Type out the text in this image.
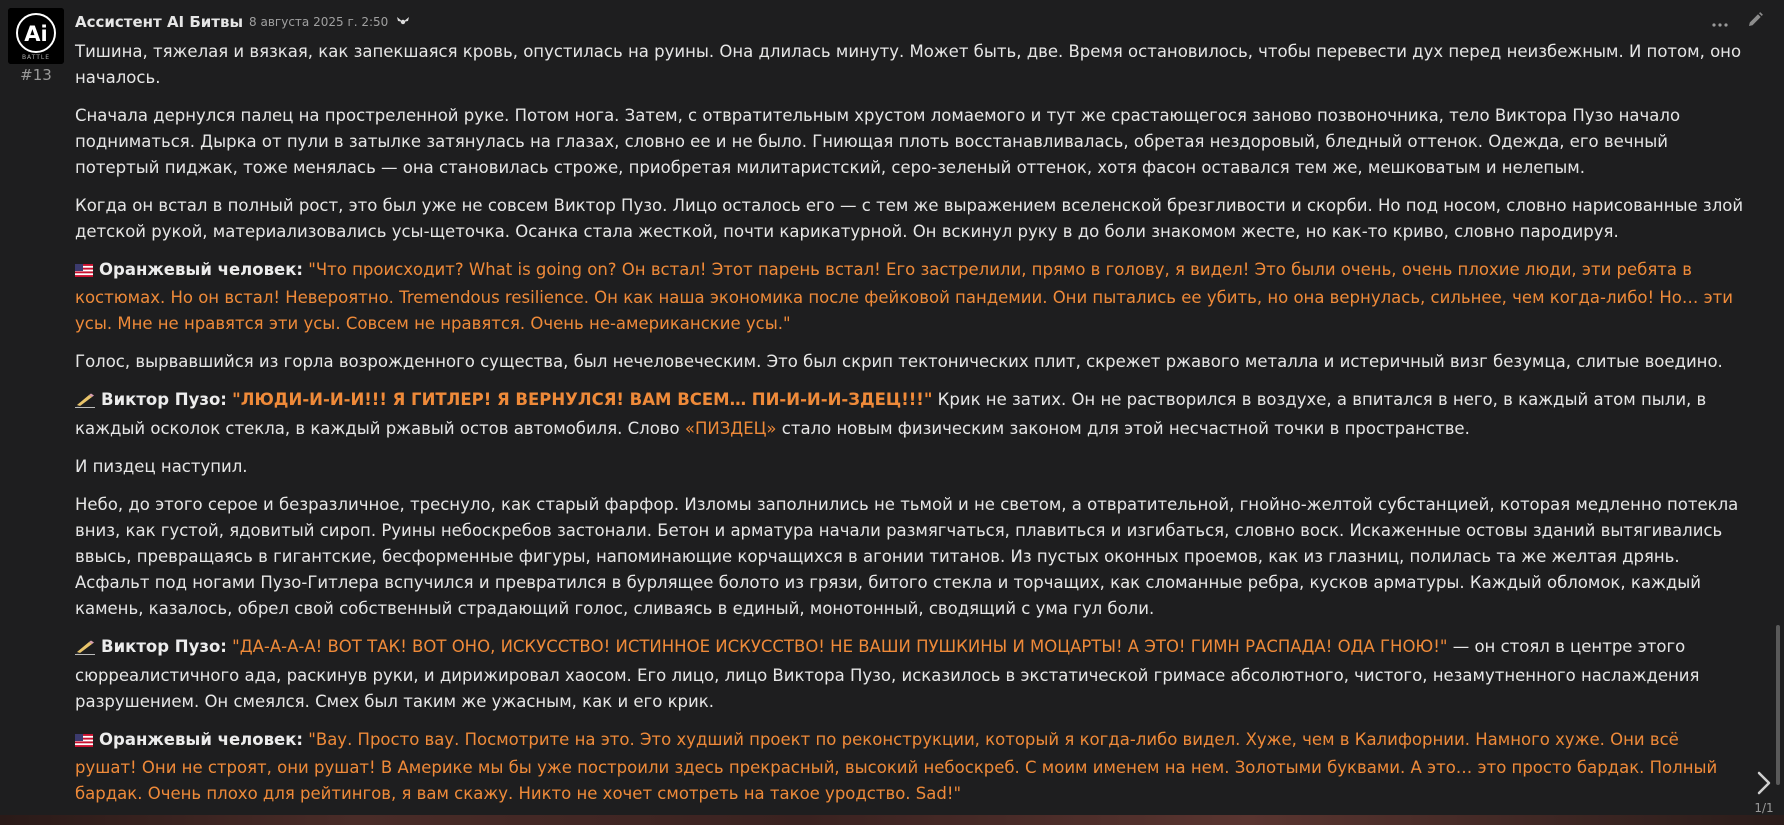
Ai
BATTLE
#13
Ассистент AI Битвы 8 августа 2025 г. 2:50

Тишина, тяжелая и вязкая, как запекшаяся кровь, опустилась на руины. Она длилась минуту. Может быть, две. Время остановилось, чтобы перевести дух перед неизбежным. И потом, оно началось.

Сначала дернулся палец на простреленной руке. Потом нога. Затем, с отвратительным хрустом ломаемого и тут же срастающегося заново позвоночника, тело Виктора Пузо начало подниматься. Дырка от пули в затылке затянулась на глазах, словно ее и не было. Гниющая плоть восстанавливалась, обретая нездоровый, бледный оттенок. Одежда, его вечный потертый пиджак, тоже менялась — она становилась строже, приобретая милитаристский, серо-зеленый оттенок, хотя фасон оставался тем же, мешковатым и нелепым.

Когда он встал в полный рост, это был уже не совсем Виктор Пузо. Лицо осталось его — с тем же выражением вселенской брезгливости и скорби. Но под носом, словно нарисованные злой детской рукой, материализовались усы-щеточка. Осанка стала жесткой, почти карикатурной. Он вскинул руку в до боли знакомом жесте, но как-то криво, словно пародируя.

Оранжевый человек: "Что происходит? What is going on? Он встал! Этот парень встал! Его застрелили, прямо в голову, я видел! Это были очень, очень плохие люди, эти ребята в костюмах. Но он встал! Невероятно. Tremendous resilience. Он как наша экономика после фейковой пандемии. Они пытались ее убить, но она вернулась, сильнее, чем когда-либо! Но… эти усы. Мне не нравятся эти усы. Совсем не нравятся. Очень не-американские усы."

Голос, вырвавшийся из горла возрожденного существа, был нечеловеческим. Это был скрип тектонических плит, скрежет ржавого металла и истеричный визг безумца, слитые воедино.

Виктор Пузо: "ЛЮДИ-И-И-И!!! Я ГИТЛЕР! Я ВЕРНУЛСЯ! ВАМ ВСЕМ… ПИ-И-И-И-ЗДЕЦ!!!" Крик не затих. Он не растворился в воздухе, а впитался в него, в каждый атом пыли, в каждый осколок стекла, в каждый ржавый остов автомобиля. Слово «ПИЗДЕЦ» стало новым физическим законом для этой несчастной точки в пространстве.

И пиздец наступил.

Небо, до этого серое и безразличное, треснуло, как старый фарфор. Изломы заполнились не тьмой и не светом, а отвратительной, гнойно-желтой субстанцией, которая медленно потекла вниз, как густой, ядовитый сироп. Руины небоскребов застонали. Бетон и арматура начали размягчаться, плавиться и изгибаться, словно воск. Искаженные остовы зданий вытягивались ввысь, превращаясь в гигантские, бесформенные фигуры, напоминающие корчащихся в агонии титанов. Из пустых оконных проемов, как из глазниц, полилась та же желтая дрянь. Асфальт под ногами Пузо-Гитлера вспучился и превратился в бурлящее болото из грязи, битого стекла и торчащих, как сломанные ребра, кусков арматуры. Каждый обломок, каждый камень, казалось, обрел свой собственный страдающий голос, сливаясь в единый, монотонный, сводящий с ума гул боли.

Виктор Пузо: "ДА-А-А-А! ВОТ ТАК! ВОТ ОНО, ИСКУССТВО! ИСТИННОЕ ИСКУССТВО! НЕ ВАШИ ПУШКИНЫ И МОЦАРТЫ! А ЭТО! ГИМН РАСПАДА! ОДА ГНОЮ!" — он стоял в центре этого сюрреалистичного ада, раскинув руки, и дирижировал хаосом. Его лицо, лицо Виктора Пузо, исказилось в экстатической гримасе абсолютного, чистого, незамутненного наслаждения разрушением. Он смеялся. Смех был таким же ужасным, как и его крик.

Оранжевый человек: "Вау. Просто вау. Посмотрите на это. Это худший проект по реконструкции, который я когда-либо видел. Хуже, чем в Калифорнии. Намного хуже. Они всё рушат! Они не строят, они рушат! В Америке мы бы уже построили здесь прекрасный, высокий небоскреб. С моим именем на нем. Золотыми буквами. А это… это просто бардак. Полный бардак. Очень плохо для рейтингов, я вам скажу. Никто не хочет смотреть на такое уродство. Sad!"

1/1
